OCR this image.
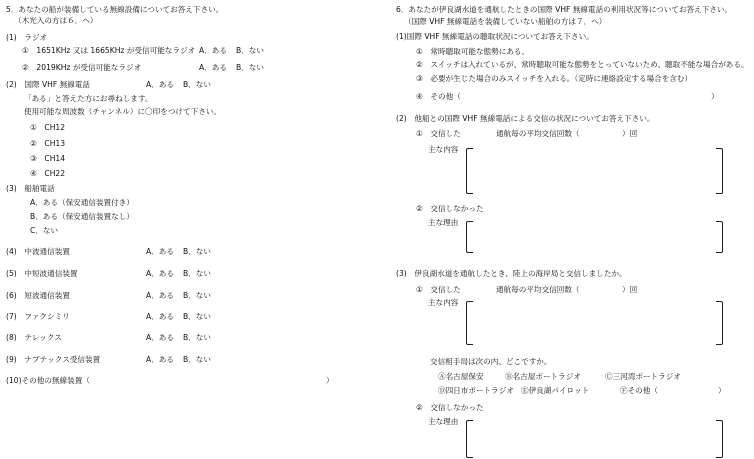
5．あなたの船が装備している無線設備についてお答え下さい。
（木光入の方は６．へ）
(1)　ラジオ
①　1651KHz 又は 1665KHz が受信可能なラジオ A．ある B．ない
②　2019KHz が受信可能なラジオ	A．ある B．ない
(2)　国際 VHF 無線電話	A．ある B．ない
「ある」と答えた方にお尋ねします。
使用可能な周波数（チャンネル）に〇印をつけて下さい。
①　CH12
②　CH13
③　CH14
④　CH22
(3)　船舶電話
A．ある（保安通信装置付き）
B．ある（保安通信装置なし）
C．ない
(4)　中波通信装置	A．ある B．ない
(5)　中短波通信装置	A．ある B．ない
(6)　短波通信装置	A．ある B．ない
(7)　ファクシミリ	A．ある B．ない
(8)　テレックス	A．ある B．ない
(9)　ナブテックス受信装置	A．ある B．ない
(10)その他の無線装置（	）
6．あなたが伊良湖水道を通航したときの国際 VHF 無線電話の利用状況等についてお答え下さい。
（国際 VHF 無線電話を装備していない船舶の方は７．へ）
(1)国際 VHF 無線電話の聴取状況についてお答え下さい。
①　常時聴取可能な態勢にある。
②　スイッチは入れているが、常時聴取可能な態勢をとっていないため、聴取不能な場合がある。
③　必要が生じた場合のみスイッチを入れる。（定時に連絡設定する場合を含む）
④　その他（	）
(2)　他船との国際 VHF 無線電話による交信の状況についてお答え下さい。
①　交信した	通航毎の平均交信回数（	）回
主な内容
②　交信しなかった
主な理由
(3)　伊良湖水道を通航したとき、陸上の海岸局と交信しましたか。
①　交信した	通航毎の平均交信回数（	）回
主な内容
交信相手局は次の内、どこですか。
Ⓐ名古屋保安	Ⓑ名古屋ポートラジオ	Ⓒ三河湾ポートラジオ
Ⓓ四日市ポートラジオ Ⓔ伊良湖パイロット	Ⓕその他（	）
②　交信しなかった
主な理由
